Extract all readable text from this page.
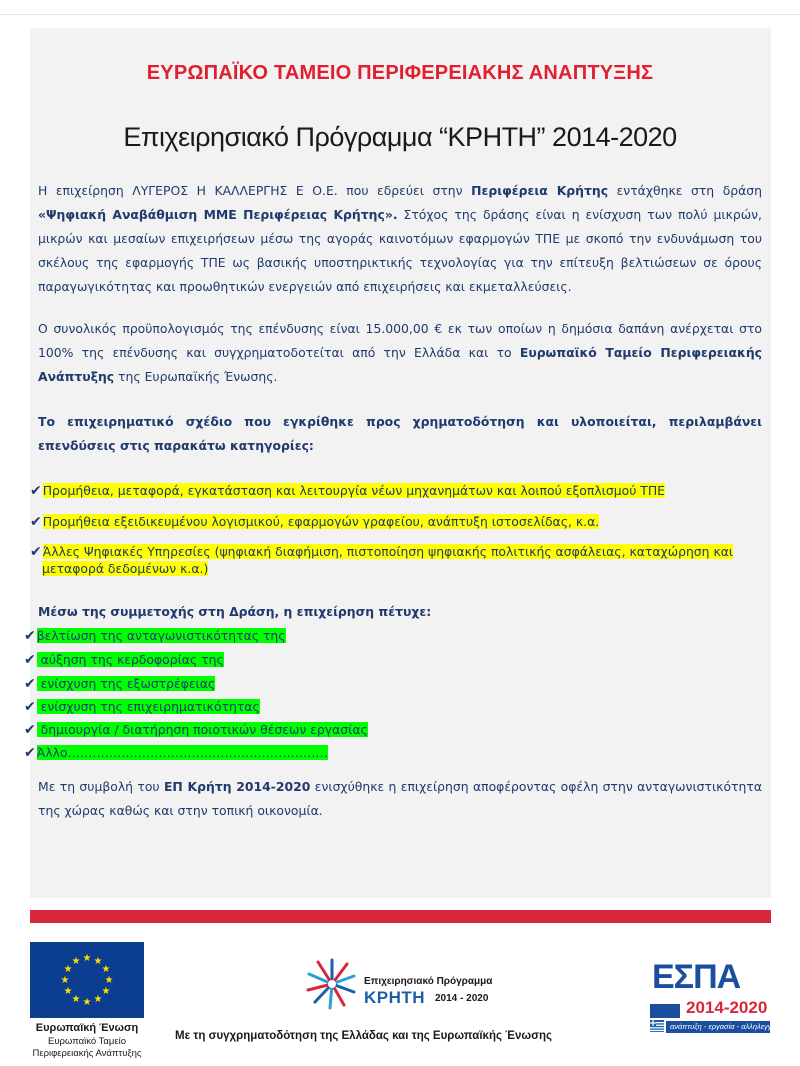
ΕΥΡΩΠΑΪΚΟ ΤΑΜΕΙΟ ΠΕΡΙΦΕΡΕΙΑΚΗΣ ΑΝΑΠΤΥΞΗΣ
Επιχειρησιακό Πρόγραμμα “ΚΡΗΤΗ” 2014-2020
Η επιχείρηση ΛΥΓΕΡΟΣ Η ΚΑΛΛΕΡΓΗΣ Ε Ο.Ε. που εδρεύει στην Περιφέρεια Κρήτης εντάχθηκε στη δράση «Ψηφιακή Αναβάθμιση ΜΜΕ Περιφέρειας Κρήτης». Στόχος της δράσης είναι η ενίσχυση των πολύ μικρών, μικρών και μεσαίων επιχειρήσεων μέσω της αγοράς καινοτόμων εφαρμογών ΤΠΕ με σκοπό την ενδυνάμωση του σκέλους της εφαρμογής ΤΠΕ ως βασικής υποστηρικτικής τεχνολογίας για την επίτευξη βελτιώσεων σε όρους παραγωγικότητας και προωθητικών ενεργειών από επιχειρήσεις και εκμεταλλεύσεις.
Ο συνολικός προϋπολογισμός της επένδυσης είναι 15.000,00 € εκ των οποίων η δημόσια δαπάνη ανέρχεται στο 100% της επένδυσης και συγχρηματοδοτείται από την Ελλάδα και το Ευρωπαϊκό Ταμείο Περιφερειακής Ανάπτυξης της Ευρωπαϊκής Ένωσης.
Το επιχειρηματικό σχέδιο που εγκρίθηκε προς χρηματοδότηση και υλοποιείται, περιλαμβάνει επενδύσεις στις παρακάτω κατηγορίες:
✔Προμήθεια, μεταφορά, εγκατάσταση και λειτουργία νέων μηχανημάτων και λοιπού εξοπλισμού ΤΠΕ
✔Προμήθεια εξειδικευμένου λογισμικού, εφαρμογών γραφείου, ανάπτυξη ιστοσελίδας, κ.α.
✔Άλλες Ψηφιακές Υπηρεσίες (ψηφιακή διαφήμιση, πιστοποίηση ψηφιακής πολιτικής ασφάλειας, καταχώρηση και
μεταφορά δεδομένων κ.α.)
Μέσω της συμμετοχής στη Δράση, η επιχείρηση πέτυχε:
✔βελτίωση της ανταγωνιστικότητας της
✔ αύξηση της κερδοφορίας της
✔ ενίσχυση της εξωστρέφειας
✔ ενίσχυση της επιχειρηματικότητας
✔ δημιουργία / διατήρηση ποιοτικών θέσεων εργασίας
✔Άλλο………………………………………………………
Με τη συμβολή του ΕΠ Κρήτη 2014-2020 ενισχύθηκε η επιχείρηση αποφέροντας οφέλη στην ανταγωνιστικότητα της χώρας καθώς και στην τοπική οικονομία.
★ ★
★
★
★
★
★
★
★
★
★
★
Ευρωπαϊκή Ένωση
Ευρωπαϊκό Ταμείο
Περιφερειακής Ανάπτυξης
Επιχειρησιακό Πρόγραμμα
ΚΡΗΤΗ 2014 - 2020
Με τη συγχρηματοδότηση της Ελλάδας και της Ευρωπαϊκής Ένωσης
ΕΣΠΑ
2014-2020
ανάπτυξη - εργασία - αλληλεγγύη
